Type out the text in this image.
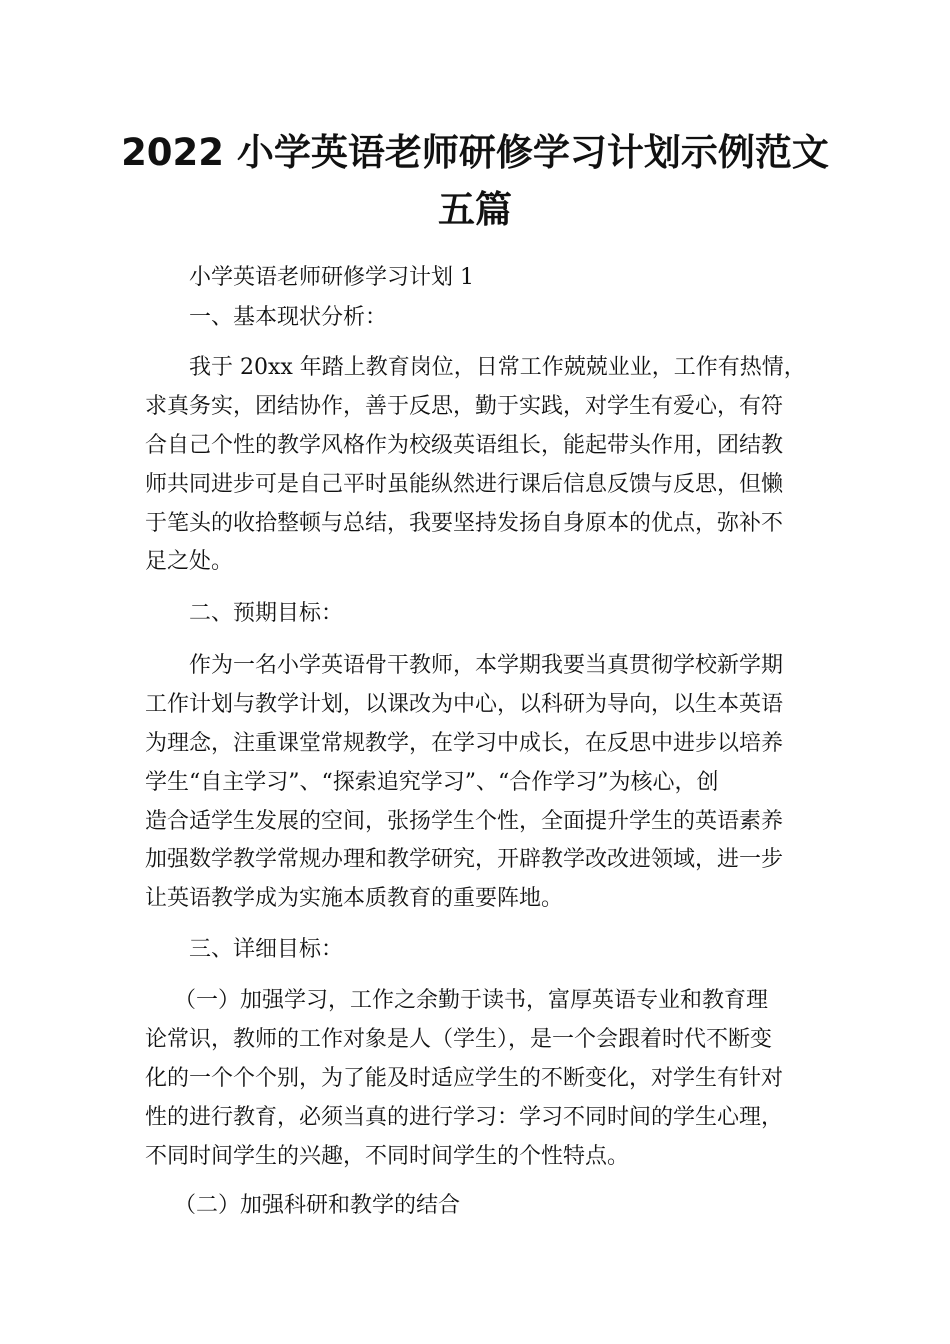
2022 小学英语老师研修学习计划示例范文
五篇

小学英语老师研修学习计划 1

一、基本现状分析：

我于 20xx 年踏上教育岗位，日常工作兢兢业业，工作有热情，
求真务实，团结协作，善于反思，勤于实践，对学生有爱心，有符
合自己个性的教学风格作为校级英语组长，能起带头作用，团结教
师共同进步可是自己平时虽能纵然进行课后信息反馈与反思，但懒
于笔头的收拾整顿与总结，我要坚持发扬自身原本的优点，弥补不
足之处。

二、预期目标：

作为一名小学英语骨干教师，本学期我要当真贯彻学校新学期
工作计划与教学计划，以课改为中心，以科研为导向，以生本英语
为理念，注重课堂常规教学，在学习中成长，在反思中进步以培养
学生“自主学习”、“探索追究学习”、“合作学习”为核心，创
造合适学生发展的空间，张扬学生个性，全面提升学生的英语素养
加强数学教学常规办理和教学研究，开辟教学改改进领域，进一步
让英语教学成为实施本质教育的重要阵地。

三、详细目标：

（一）加强学习，工作之余勤于读书，富厚英语专业和教育理
论常识，教师的工作对象是人（学生），是一个会跟着时代不断变
化的一个个个别，为了能及时适应学生的不断变化，对学生有针对
性的进行教育，必须当真的进行学习：学习不同时间的学生心理，
不同时间学生的兴趣，不同时间学生的个性特点。

（二）加强科研和教学的结合
